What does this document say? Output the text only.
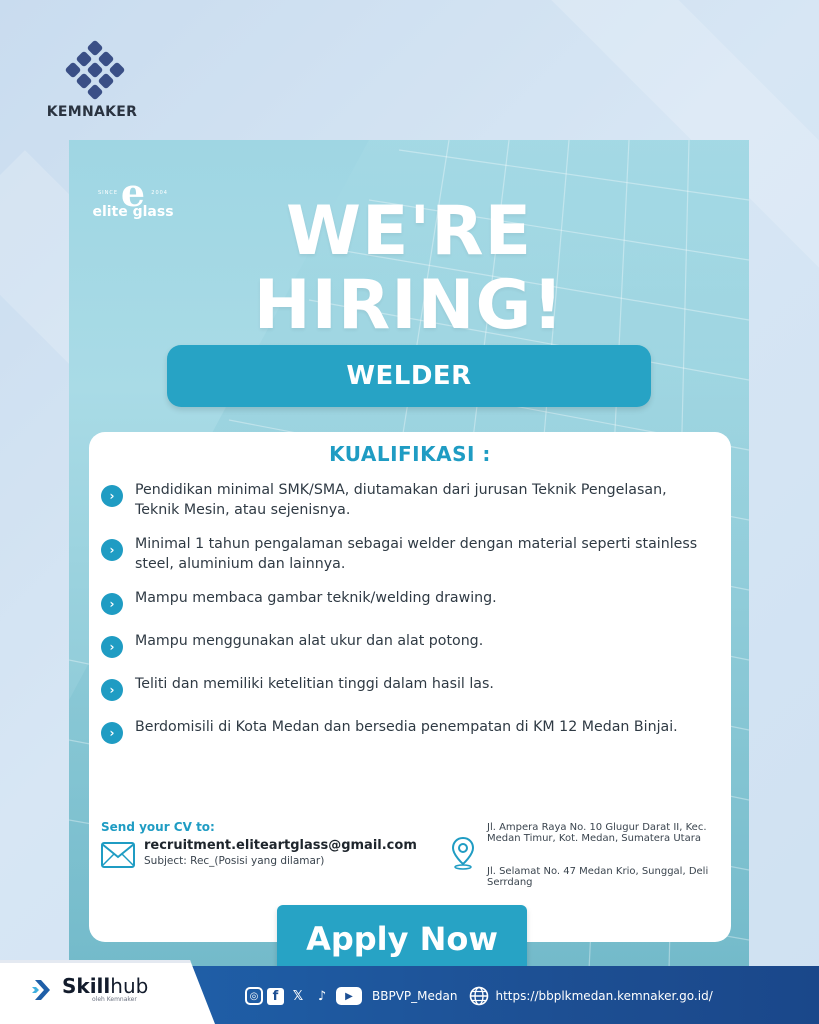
KEMNAKER
e
SINCE	2004
elite glass	WE'RE
HIRING!
WELDER
KUALIFIKASI :
›	Pendidikan minimal SMK/SMA, diutamakan dari jurusan Teknik Pengelasan, Teknik Mesin, atau sejenisnya.
›	Minimal 1 tahun pengalaman sebagai welder dengan material seperti stainless steel, aluminium dan lainnya.
›	Mampu membaca gambar teknik/welding drawing.
›	Mampu menggunakan alat ukur dan alat potong.
›	Teliti dan memiliki ketelitian tinggi dalam hasil las.
›	Berdomisili di Kota Medan dan bersedia penempatan di KM 12 Medan Binjai.
Send your CV to:
recruitment.eliteartglass@gmail.com
Subject: Rec_(Posisi yang dilamar)
Jl. Ampera Raya No. 10 Glugur Darat II, Kec. Medan Timur, Kot. Medan, Sumatera Utara
Jl. Selamat No. 47 Medan Krio, Sunggal, Deli Serrdang
Apply Now
Skillhub
oleh Kemnaker	◎	f	𝕏	♪	▶	BBPVP_Medan	https://bbplkmedan.kemnaker.go.id/
